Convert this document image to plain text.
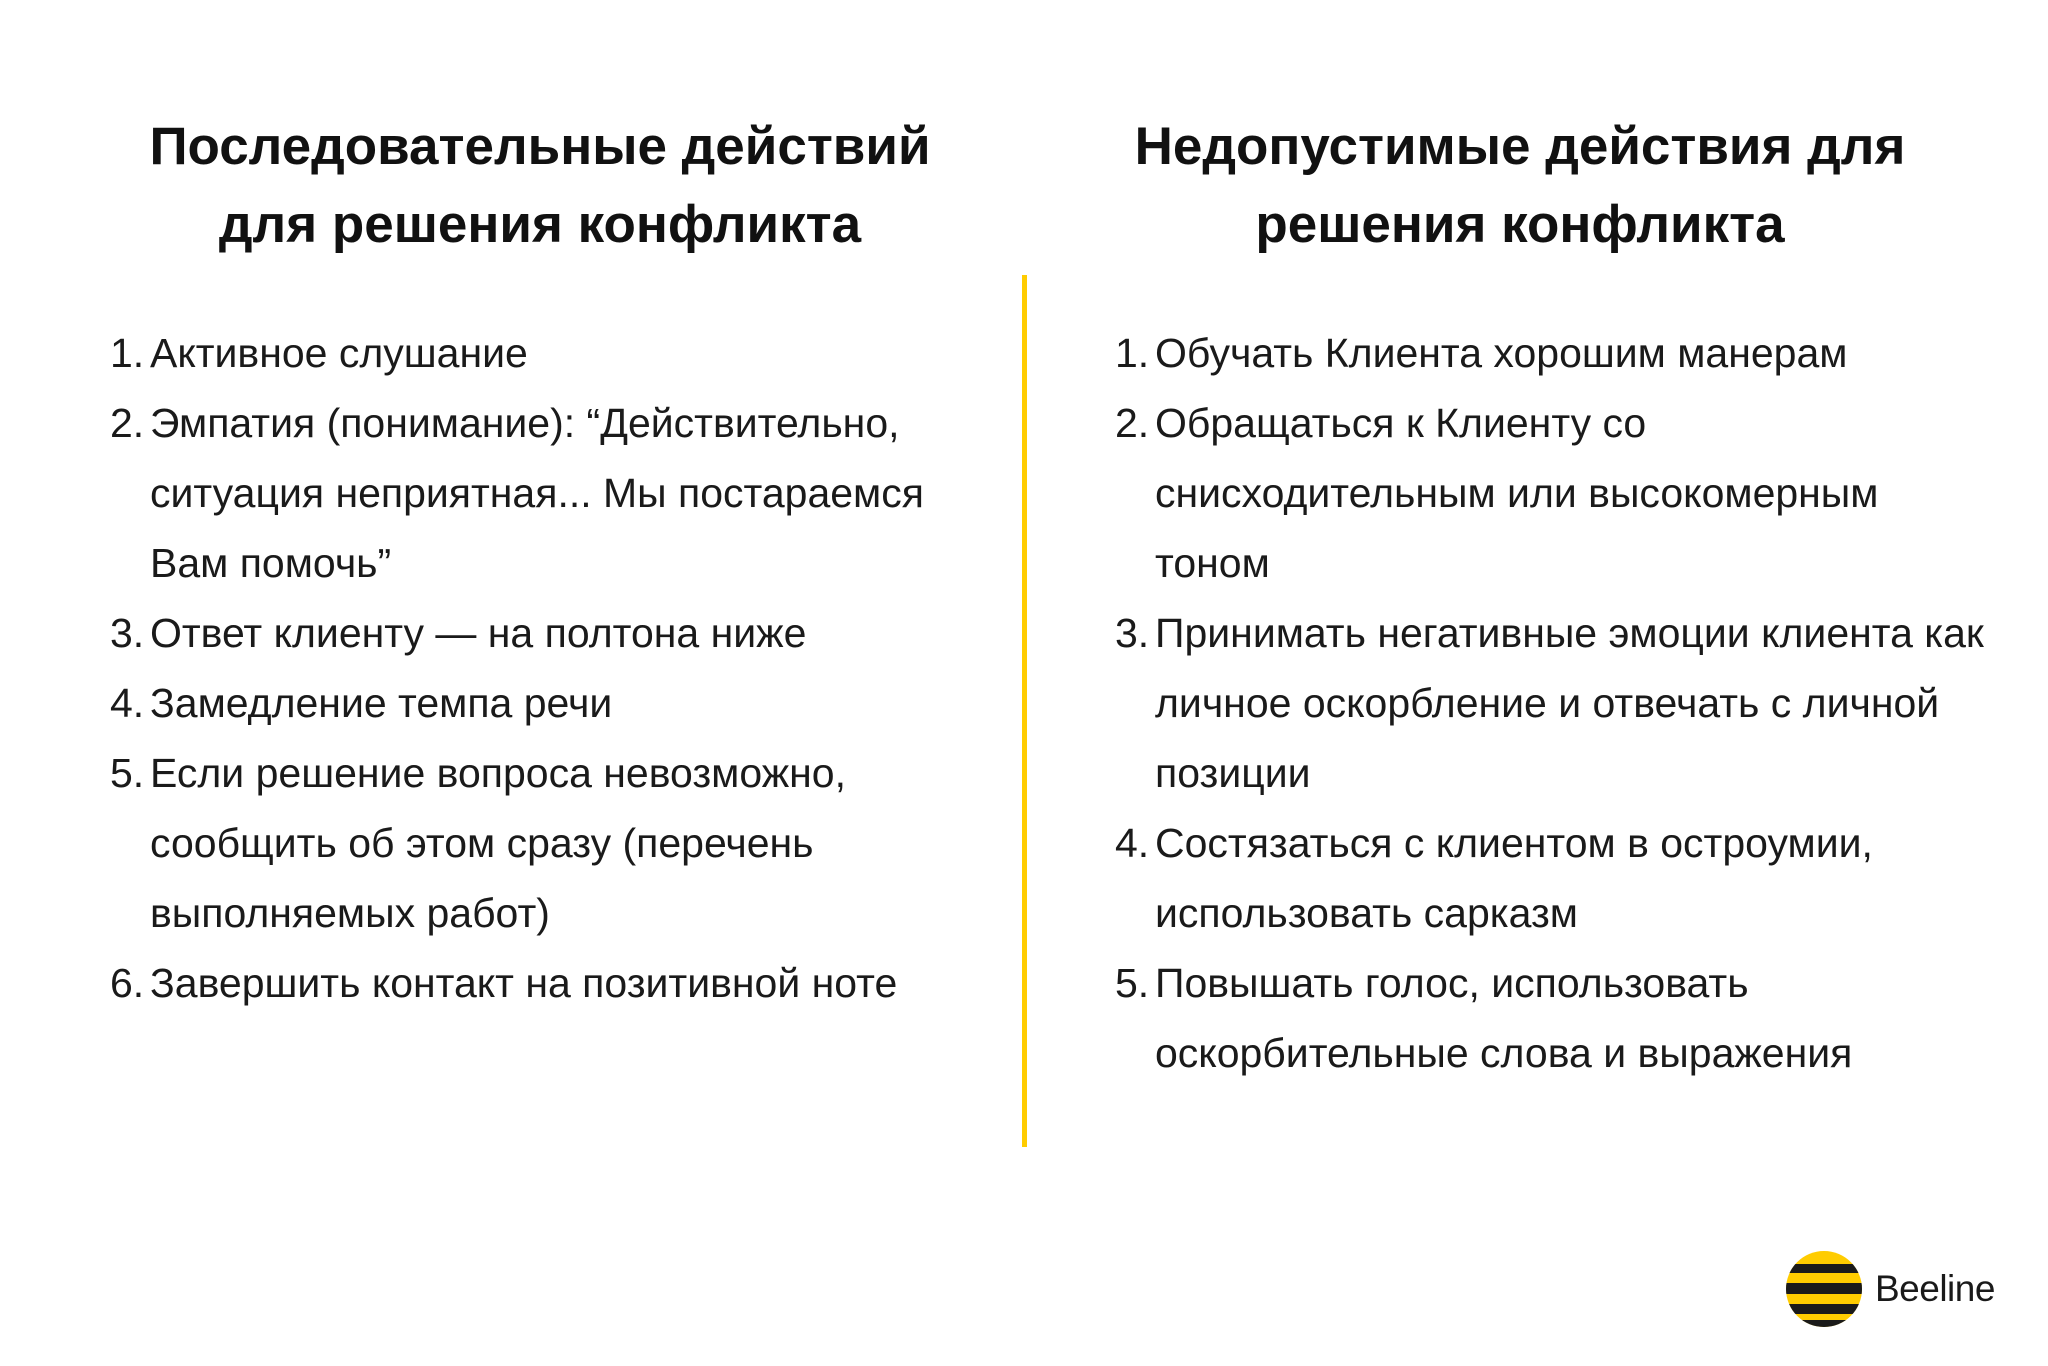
Последовательные действий
для решения конфликта
Недопустимые действия для
решения конфликта
1. Активное слушание
2. Эмпатия (понимание): “Действительно, ситуация неприятная... Мы постараемся Вам помочь”
3. Ответ клиенту — на полтона ниже
4. Замедление темпа речи
5. Если решение вопроса невозможно, сообщить об этом сразу (перечень выполняемых работ)
6. Завершить контакт на позитивной ноте
1. Обучать Клиента хорошим манерам
2. Обращаться к Клиенту со снисходительным или высокомерным тоном
3. Принимать негативные эмоции клиента как личное оскорбление и отвечать с личной позиции
4. Состязаться с клиентом в остроумии, использовать сарказм
5. Повышать голос, использовать оскорбительные слова и выражения
Beeline
